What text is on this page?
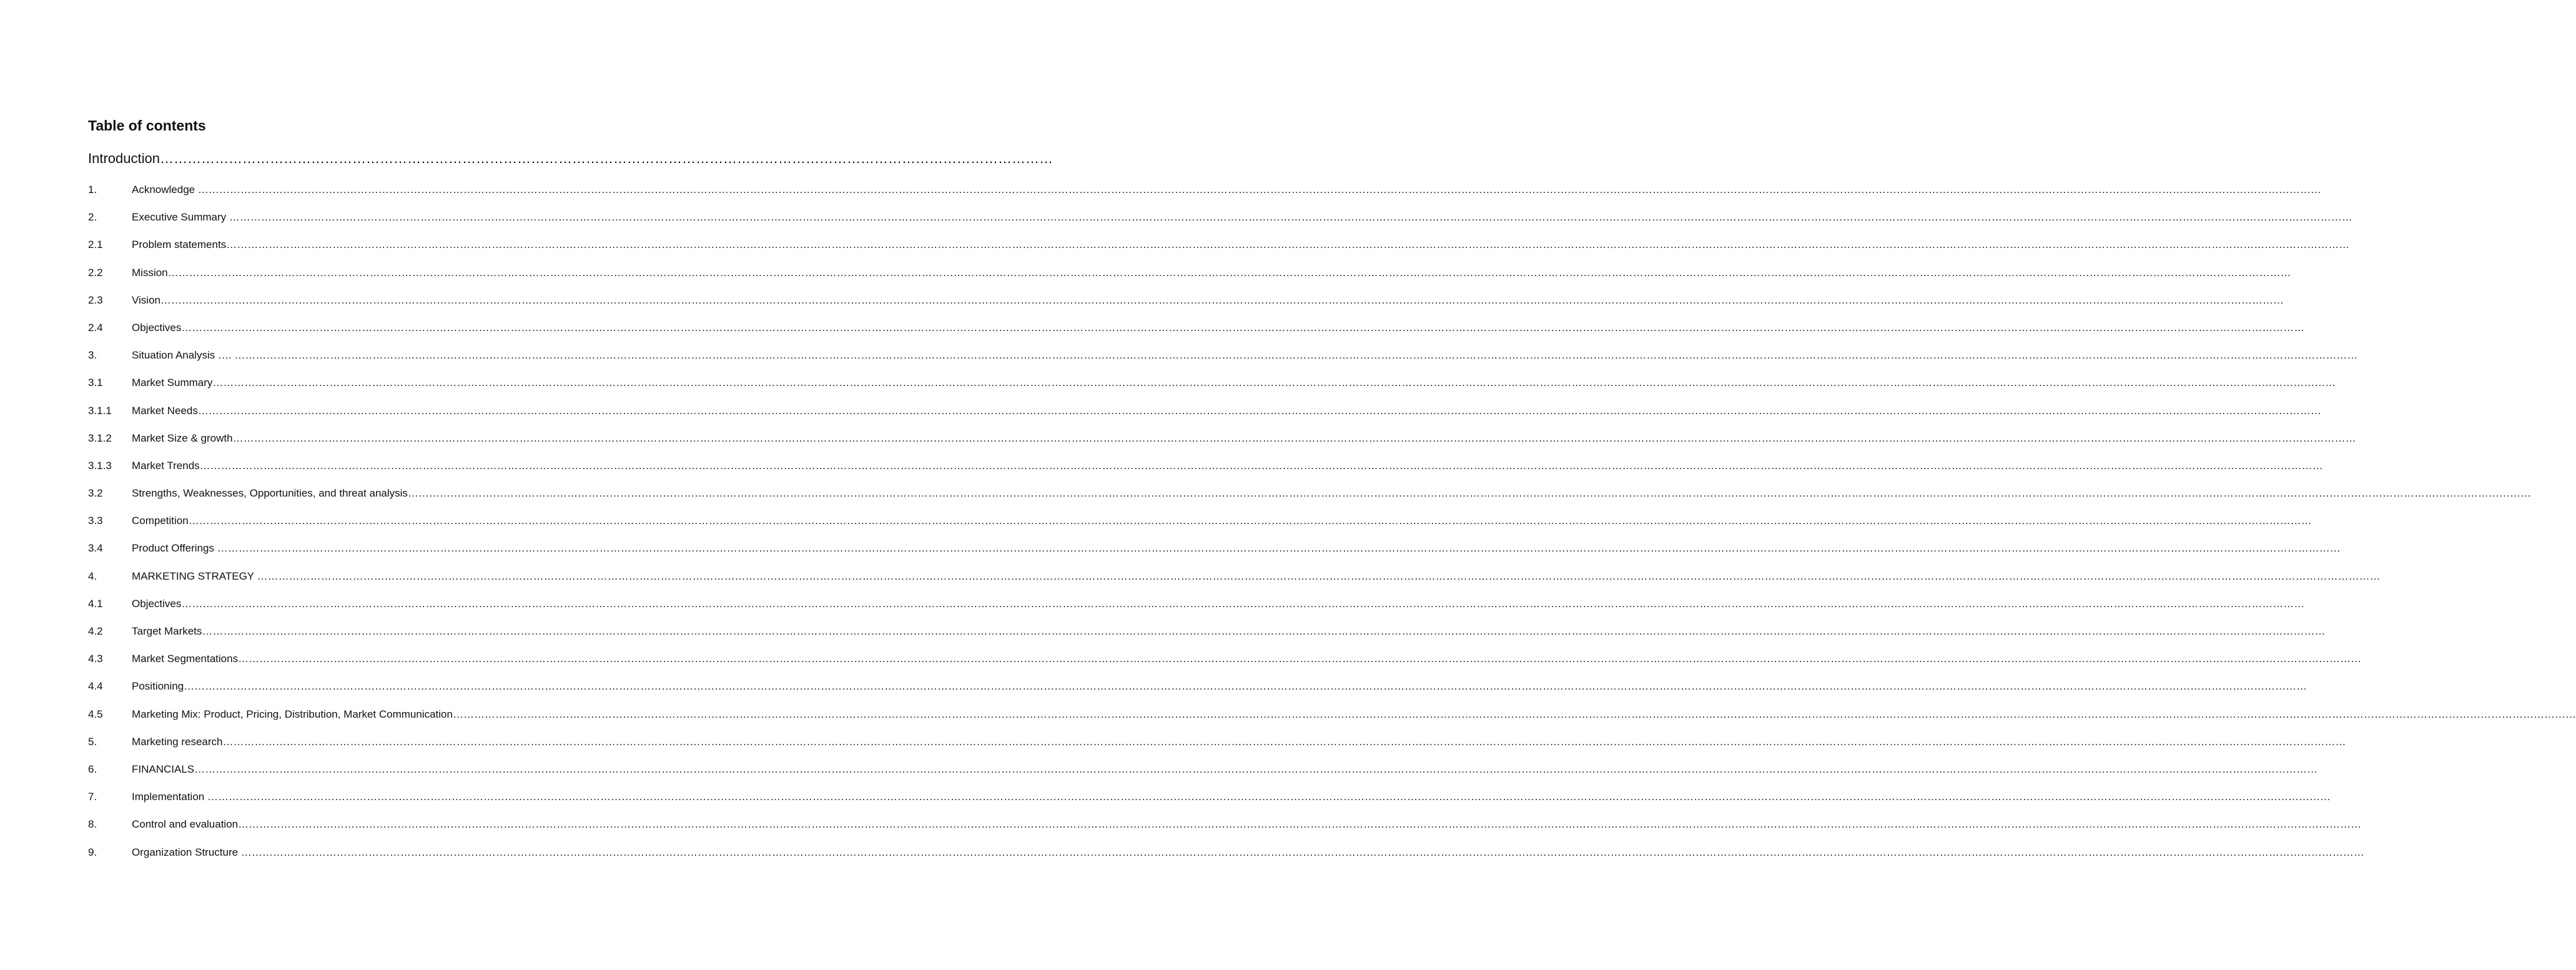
Table of contents
Introduction……………………………………………………………………………………………………………………………………………………………………………
1.	Acknowledge ……………………………………………………………………………………………………………………………………………………………………………………………………………………………………………………………………………………………………………………………………………………………………………………………………………………………………………………………………………………………………………………………………………………
2.	Executive Summary ……………………………………………………………………………………………………………………………………………………………………………………………………………………………………………………………………………………………………………………………………………………………………………………………………………………………………………………………………………………………………………………………………………………
2.1	Problem statements……………………………………………………………………………………………………………………………………………………………………………………………………………………………………………………………………………………………………………………………………………………………………………………………………………………………………………………………………………………………………………………………………………………
2.2	Mission……………………………………………………………………………………………………………………………………………………………………………………………………………………………………………………………………………………………………………………………………………………………………………………………………………………………………………………………………………………………………………………………………………………
2.3	Vision……………………………………………………………………………………………………………………………………………………………………………………………………………………………………………………………………………………………………………………………………………………………………………………………………………………………………………………………………………………………………………………………………………………
2.4	Objectives……………………………………………………………………………………………………………………………………………………………………………………………………………………………………………………………………………………………………………………………………………………………………………………………………………………………………………………………………………………………………………………………………………………
3.	Situation Analysis …. ……………………………………………………………………………………………………………………………………………………………………………………………………………………………………………………………………………………………………………………………………………………………………………………………………………………………………………………………………………………………………………………………………………………
3.1	Market Summary……………………………………………………………………………………………………………………………………………………………………………………………………………………………………………………………………………………………………………………………………………………………………………………………………………………………………………………………………………………………………………………………………………………
3.1.1 Market Needs……………………………………………………………………………………………………………………………………………………………………………………………………………………………………………………………………………………………………………………………………………………………………………………………………………………………………………………………………………………………………………………………………………………
3.1.2 Market Size & growth……………………………………………………………………………………………………………………………………………………………………………………………………………………………………………………………………………………………………………………………………………………………………………………………………………………………………………………………………………………………………………………………………………………
3.1.3 Market Trends……………………………………………………………………………………………………………………………………………………………………………………………………………………………………………………………………………………………………………………………………………………………………………………………………………………………………………………………………………………………………………………………………………………
3.2	Strengths, Weaknesses, Opportunities, and threat analysis……………………………………………………………………………………………………………………………………………………………………………………………………………………………………………………………………………………………………………………………………………………………………………………………………………………………………………………………………………………………………………………………………………………
3.3	Competition……………………………………………………………………………………………………………………………………………………………………………………………………………………………………………………………………………………………………………………………………………………………………………………………………………………………………………………………………………………………………………………………………………………
3.4	Product Offerings ……………………………………………………………………………………………………………………………………………………………………………………………………………………………………………………………………………………………………………………………………………………………………………………………………………………………………………………………………………………………………………………………………………………
4.	MARKETING STRATEGY ……………………………………………………………………………………………………………………………………………………………………………………………………………………………………………………………………………………………………………………………………………………………………………………………………………………………………………………………………………………………………………………………………………………
4.1	Objectives……………………………………………………………………………………………………………………………………………………………………………………………………………………………………………………………………………………………………………………………………………………………………………………………………………………………………………………………………………………………………………………………………………………
4.2	Target Markets……………………………………………………………………………………………………………………………………………………………………………………………………………………………………………………………………………………………………………………………………………………………………………………………………………………………………………………………………………………………………………………………………………………
4.3	Market Segmentations……………………………………………………………………………………………………………………………………………………………………………………………………………………………………………………………………………………………………………………………………………………………………………………………………………………………………………………………………………………………………………………………………………………
4.4	Positioning……………………………………………………………………………………………………………………………………………………………………………………………………………………………………………………………………………………………………………………………………………………………………………………………………………………………………………………………………………………………………………………………………………………
4.5	Marketing Mix: Product, Pricing, Distribution, Market Communication……………………………………………………………………………………………………………………………………………………………………………………………………………………………………………………………………………………………………………………………………………………………………………………………………………………………………………………………………………………………………………………………………………………
5.	Marketing research……………………………………………………………………………………………………………………………………………………………………………………………………………………………………………………………………………………………………………………………………………………………………………………………………………………………………………………………………………………………………………………………………………………
6.	FINANCIALS……………………………………………………………………………………………………………………………………………………………………………………………………………………………………………………………………………………………………………………………………………………………………………………………………………………………………………………………………………………………………………………………………………………
7.	Implementation ……………………………………………………………………………………………………………………………………………………………………………………………………………………………………………………………………………………………………………………………………………………………………………………………………………………………………………………………………………………………………………………………………………………
8.	Control and evaluation……………………………………………………………………………………………………………………………………………………………………………………………………………………………………………………………………………………………………………………………………………………………………………………………………………………………………………………………………………………………………………………………………………………
9.	Organization Structure ……………………………………………………………………………………………………………………………………………………………………………………………………………………………………………………………………………………………………………………………………………………………………………………………………………………………………………………………………………………………………………………………………………………
